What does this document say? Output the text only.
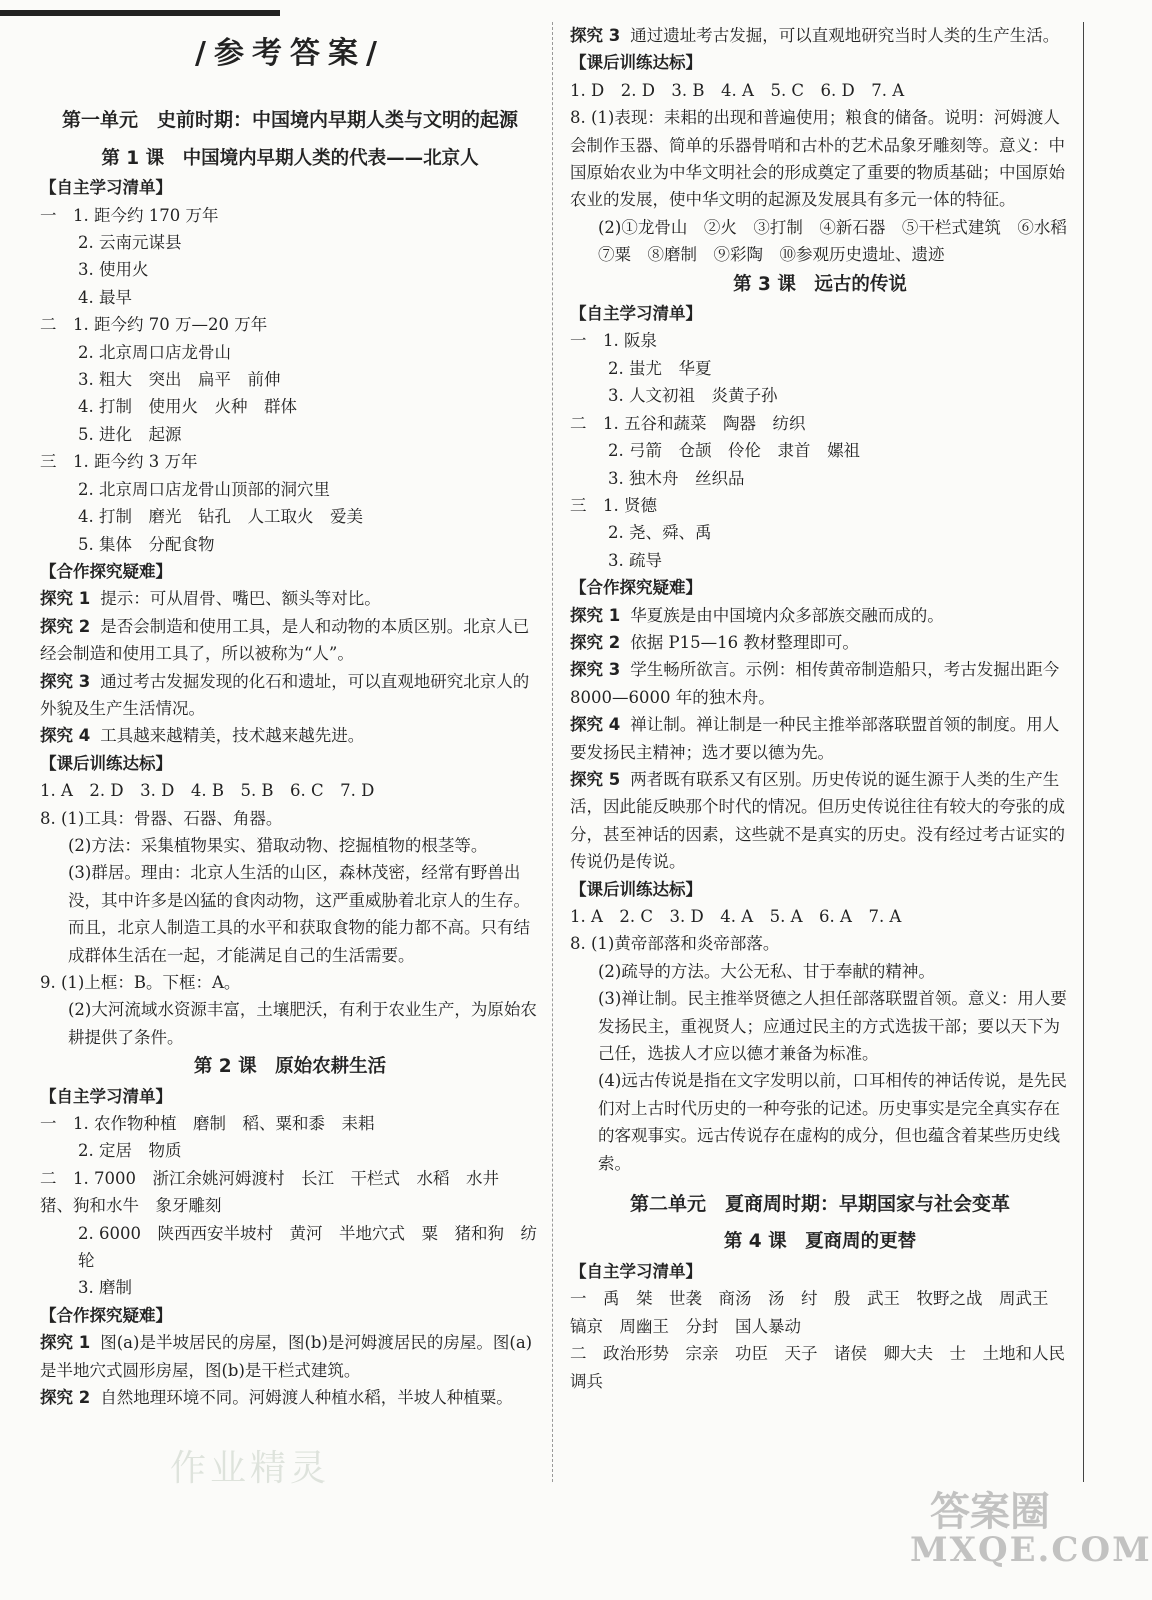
/参考答案/
第一单元　史前时期：中国境内早期人类与文明的起源
第 1 课　中国境内早期人类的代表——北京人
【自主学习清单】
一　1. 距今约 170 万年
2. 云南元谋县
3. 使用火
4. 最早
二　1. 距今约 70 万—20 万年
2. 北京周口店龙骨山
3. 粗大　突出　扁平　前伸
4. 打制　使用火　火种　群体
5. 进化　起源
三　1. 距今约 3 万年
2. 北京周口店龙骨山顶部的洞穴里
4. 打制　磨光　钻孔　人工取火　爱美
5. 集体　分配食物
【合作探究疑难】
探究 1 提示：可从眉骨、嘴巴、额头等对比。
探究 2 是否会制造和使用工具，是人和动物的本质区别。北京人已经会制造和使用工具了，所以被称为“人”。
探究 3 通过考古发掘发现的化石和遗址，可以直观地研究北京人的外貌及生产生活情况。
探究 4 工具越来越精美，技术越来越先进。
【课后训练达标】
1. A　2. D　3. D　4. B　5. B　6. C　7. D
8. (1)工具：骨器、石器、角器。
(2)方法：采集植物果实、猎取动物、挖掘植物的根茎等。
(3)群居。理由：北京人生活的山区，森林茂密，经常有野兽出没，其中许多是凶猛的食肉动物，这严重威胁着北京人的生存。而且，北京人制造工具的水平和获取食物的能力都不高。只有结成群体生活在一起，才能满足自己的生活需要。
9. (1)上框：B。下框：A。
(2)大河流域水资源丰富，土壤肥沃，有利于农业生产，为原始农耕提供了条件。
第 2 课　原始农耕生活
【自主学习清单】
一　1. 农作物种植　磨制　稻、粟和黍　耒耜
2. 定居　物质
二　1. 7000　浙江余姚河姆渡村　长江　干栏式　水稻　水井　猪、狗和水牛　象牙雕刻
2. 6000　陕西西安半坡村　黄河　半地穴式　粟　猪和狗　纺轮
3. 磨制
【合作探究疑难】
探究 1 图(a)是半坡居民的房屋，图(b)是河姆渡居民的房屋。图(a)是半地穴式圆形房屋，图(b)是干栏式建筑。
探究 2 自然地理环境不同。河姆渡人种植水稻，半坡人种植粟。
探究 3 通过遗址考古发掘，可以直观地研究当时人类的生产生活。
【课后训练达标】
1. D　2. D　3. B　4. A　5. C　6. D　7. A
8. (1)表现：耒耜的出现和普遍使用；粮食的储备。说明：河姆渡人会制作玉器、简单的乐器骨哨和古朴的艺术品象牙雕刻等。意义：中国原始农业为中华文明社会的形成奠定了重要的物质基础；中国原始农业的发展，使中华文明的起源及发展具有多元一体的特征。
(2)①龙骨山　②火　③打制　④新石器　⑤干栏式建筑　⑥水稻　⑦粟　⑧磨制　⑨彩陶　⑩参观历史遗址、遗迹
第 3 课　远古的传说
【自主学习清单】
一　1. 阪泉
2. 蚩尤　华夏
3. 人文初祖　炎黄子孙
二　1. 五谷和蔬菜　陶器　纺织
2. 弓箭　仓颉　伶伦　隶首　嫘祖
3. 独木舟　丝织品
三　1. 贤德
2. 尧、舜、禹
3. 疏导
【合作探究疑难】
探究 1 华夏族是由中国境内众多部族交融而成的。
探究 2 依据 P15—16 教材整理即可。
探究 3 学生畅所欲言。示例：相传黄帝制造船只，考古发掘出距今 8000—6000 年的独木舟。
探究 4 禅让制。禅让制是一种民主推举部落联盟首领的制度。用人要发扬民主精神；选才要以德为先。
探究 5 两者既有联系又有区别。历史传说的诞生源于人类的生产生活，因此能反映那个时代的情况。但历史传说往往有较大的夸张的成分，甚至神话的因素，这些就不是真实的历史。没有经过考古证实的传说仍是传说。
【课后训练达标】
1. A　2. C　3. D　4. A　5. A　6. A　7. A
8. (1)黄帝部落和炎帝部落。
(2)疏导的方法。大公无私、甘于奉献的精神。
(3)禅让制。民主推举贤德之人担任部落联盟首领。意义：用人要发扬民主，重视贤人；应通过民主的方式选拔干部；要以天下为己任，选拔人才应以德才兼备为标准。
(4)远古传说是指在文字发明以前，口耳相传的神话传说，是先民们对上古时代历史的一种夸张的记述。历史事实是完全真实存在的客观事实。远古传说存在虚构的成分，但也蕴含着某些历史线索。
第二单元　夏商周时期：早期国家与社会变革
第 4 课　夏商周的更替
【自主学习清单】
一　禹　桀　世袭　商汤　汤　纣　殷　武王　牧野之战　周武王　镐京　周幽王　分封　国人暴动
二　政治形势　宗亲　功臣　天子　诸侯　卿大夫　士　土地和人民　调兵
作业精灵
答案圈
MXQE.COM
